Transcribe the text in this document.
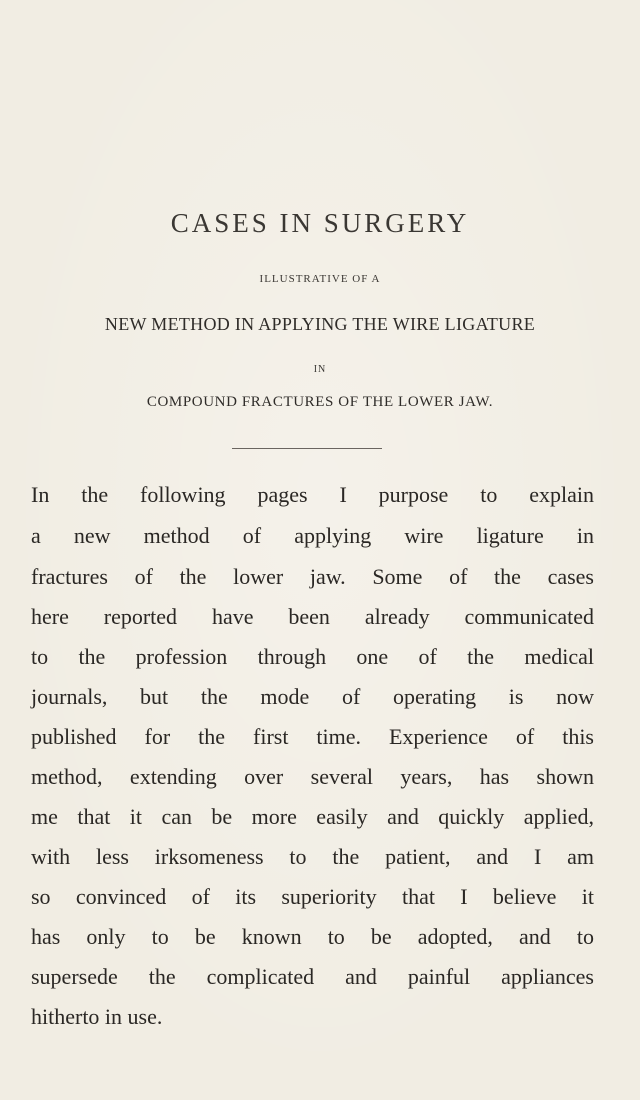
CASES IN SURGERY
ILLUSTRATIVE OF A
NEW METHOD IN APPLYING THE WIRE LIGATURE
IN
COMPOUND FRACTURES OF THE LOWER JAW.
In the following pages I purpose to explain
a new method of applying wire ligature in
fractures of the lower jaw. Some of the cases
here reported have been already communicated
to the profession through one of the medical
journals, but the mode of operating is now
published for the first time. Experience of this
method, extending over several years, has shown
me that it can be more easily and quickly applied,
with less irksomeness to the patient, and I am
so convinced of its superiority that I believe it
has only to be known to be adopted, and to
supersede the complicated and painful appliances
hitherto in use.
